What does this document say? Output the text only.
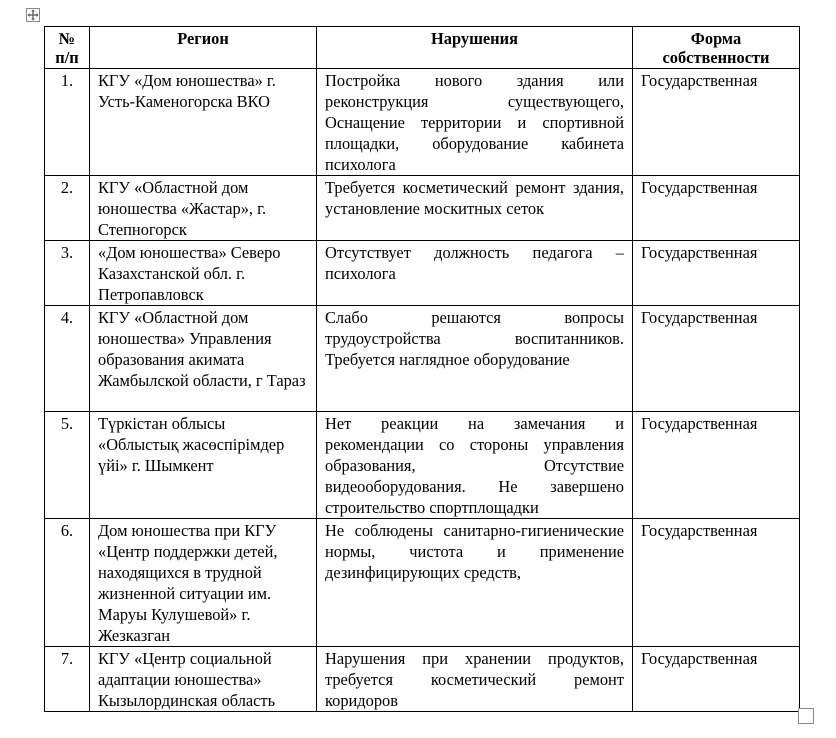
№ п/п	Регион	Нарушения	Форма собственности
1.	КГУ «Дом юношества» г. Усть-Каменогорска ВКО	Постройка нового здания или реконструкция существующего, Оснащение территории и спортивной площадки, оборудование кабинета психолога	Государственная
2.	КГУ «Областной дом юношества «Жастар», г. Степногорск	Требуется косметический ремонт здания, установление москитных сеток	Государственная
3.	«Дом юношества» Северо Казахстанской обл. г. Петропавловск	Отсутствует должность педагога – психолога	Государственная
4.	КГУ «Областной дом юношества» Управления образования акимата Жамбылской области, г Тараз	Слабо решаются вопросы трудоустройства воспитанников. Требуется наглядное оборудование	Государственная
5.	Түркістан облысы «Облыстық жасөспірімдер үйі» г. Шымкент	Нет реакции на замечания и рекомендации со стороны управления образования, Отсутствие видеооборудования. Не завершено строительство спортплощадки	Государственная
6.	Дом юношества при КГУ «Центр поддержки детей, находящихся в трудной жизненной ситуации им. Маруы Кулушевой» г. Жезказган	Не соблюдены санитарно-гигиенические нормы, чистота и применение дезинфицирующих средств,	Государственная
7.	КГУ «Центр социальной адаптации юношества» Кызылординская область	Нарушения при хранении продуктов, требуется косметический ремонт коридоров	Государственная
